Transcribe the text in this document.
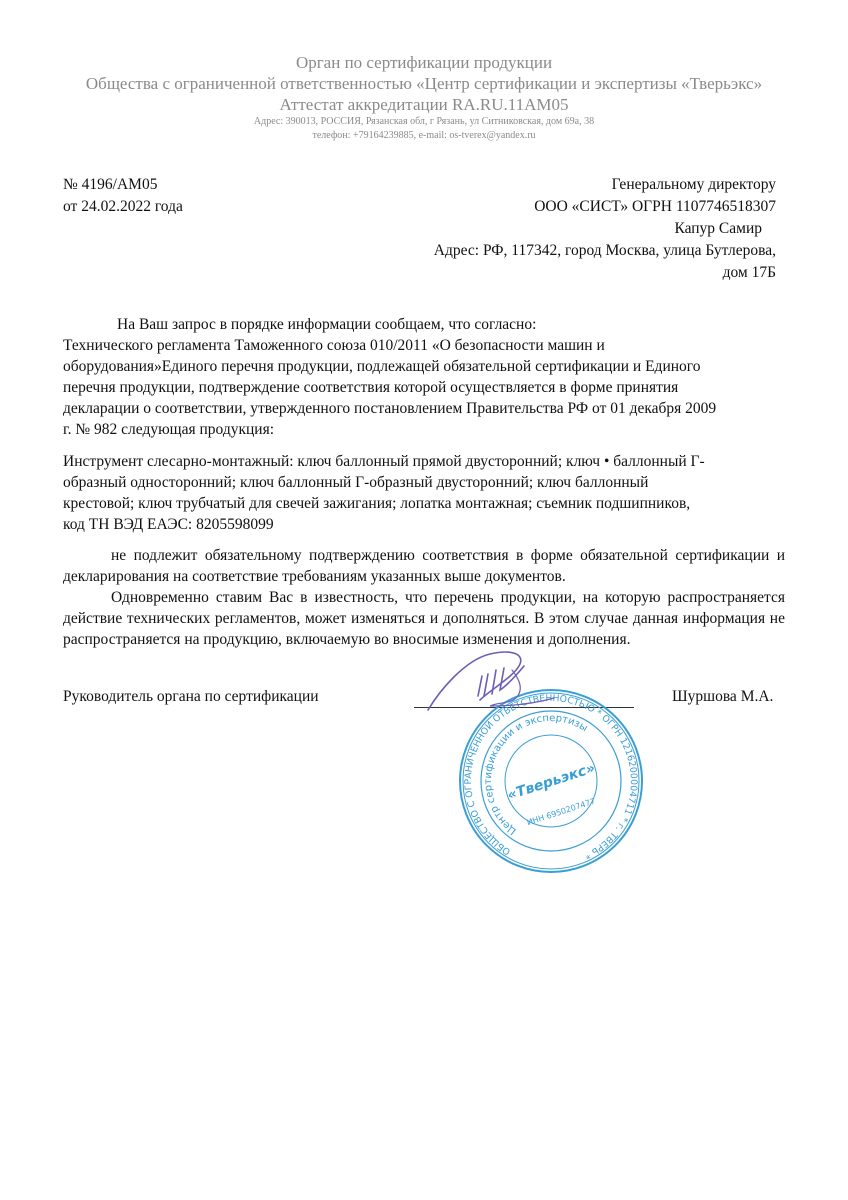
Орган по сертификации продукции
Общества с ограниченной ответственностью «Центр сертификации и экспертизы «Тверьэкс»
Аттестат аккредитации RA.RU.11АМ05
Адрес: 390013, РОССИЯ, Рязанская обл, г Рязань, ул Ситниковская, дом 69а, 38
телефон: +79164239885, e-mail: os-tverex@yandex.ru
№ 4196/АМ05
от 24.02.2022 года
Генеральному директору
ООО «СИСТ» ОГРН 1107746518307
Капур Самир
Адрес: РФ, 117342, город Москва, улица Бутлерова,
дом 17Б
На Ваш запрос в порядке информации сообщаем, что согласно:
Технического регламента Таможенного союза 010/2011 «О безопасности машин и
оборудования»Единого перечня продукции, подлежащей обязательной сертификации и Единого
перечня продукции, подтверждение соответствия которой осуществляется в форме принятия
декларации о соответствии, утвержденного постановлением Правительства РФ от 01 декабря 2009
г. № 982 следующая продукция:
Инструмент слесарно-монтажный: ключ баллонный прямой двусторонний; ключ • баллонный Г-
образный односторонний; ключ баллонный Г-образный двусторонний; ключ баллонный
крестовой; ключ трубчатый для свечей зажигания; лопатка монтажная; съемник подшипников,
код ТН ВЭД ЕАЭС: 8205598099
не подлежит обязательному подтверждению соответствия в форме обязательной сертификации и декларирования на соответствие требованиям указанных выше документов.
Одновременно ставим Вас в известность, что перечень продукции, на которую распространяется действие технических регламентов, может изменяться и дополняться. В этом случае данная информация не распространяется на продукцию, включаемую во вносимые изменения и дополнения.
Руководитель органа по сертификации
ОБЩЕСТВО С ОГРАНИЧЕННОЙ ОТВЕТСТВЕННОСТЬЮ * ОГРН 1216200004711 * г. ТВЕРЬ *
Центр сертификации и экспертизы
«Тверьэкс»
ИНН 6950207477
Шуршова М.А.
